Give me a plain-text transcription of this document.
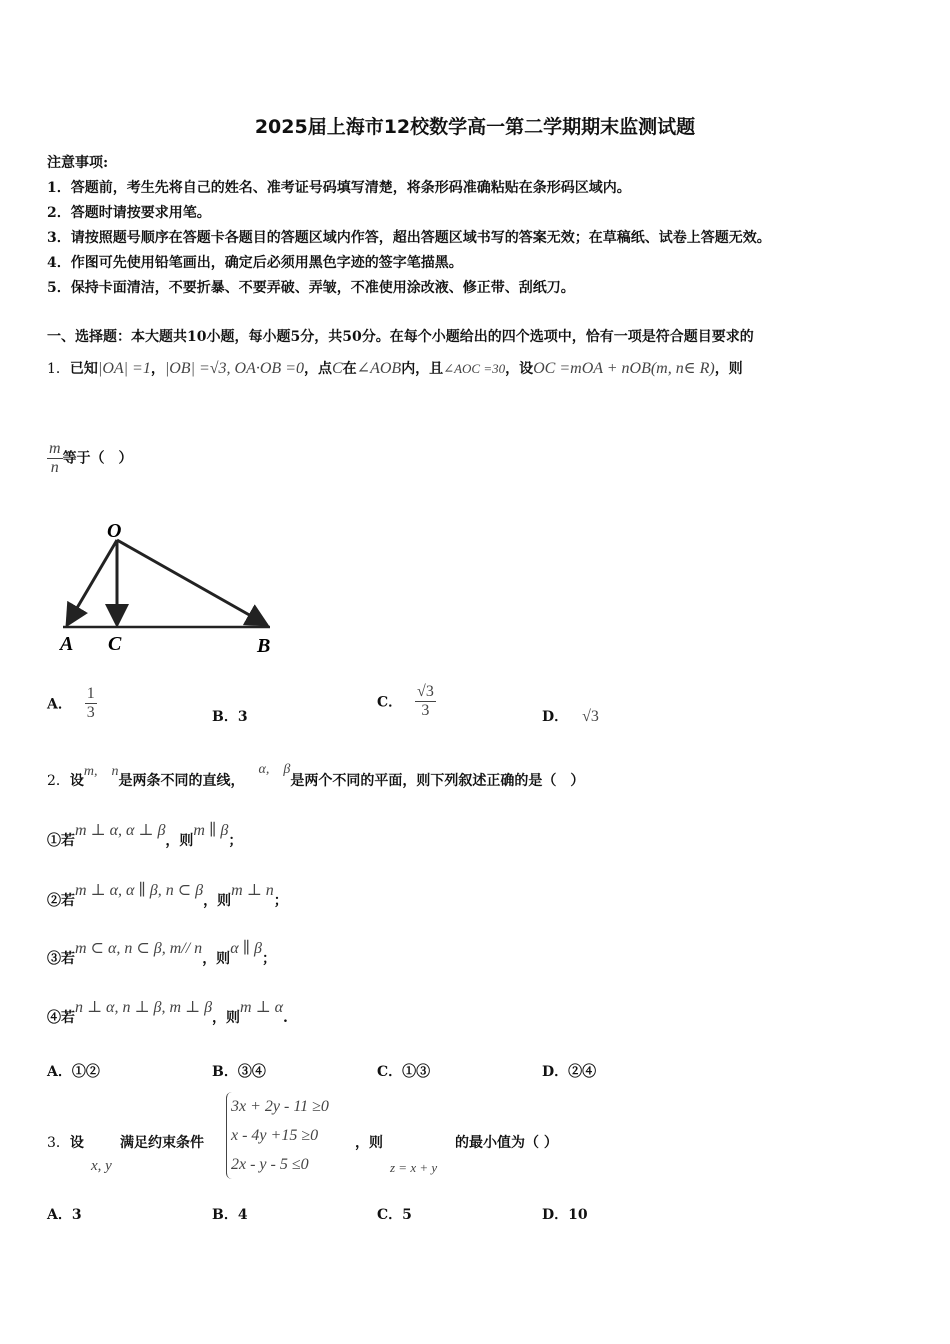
2025届上海市12校数学高一第二学期期末监测试题
注意事项:
1．答题前，考生先将自己的姓名、准考证号码填写清楚，将条形码准确粘贴在条形码区域内。
2．答题时请按要求用笔。
3．请按照题号顺序在答题卡各题目的答题区域内作答，超出答题区域书写的答案无效；在草稿纸、试卷上答题无效。
4．作图可先使用铅笔画出，确定后必须用黑色字迹的签字笔描黑。
5．保持卡面清洁，不要折暴、不要弄破、弄皱，不准使用涂改液、修正带、刮纸刀。
一、选择题：本大题共10小题，每小题5分，共50分。在每个小题给出的四个选项中，恰有一项是符合题目要求的
1．已知|OA| =1，|OB| =√3, OA·OB =0，点C在∠AOB内，且∠AOC =30，设OC =mOA + nOB(m, n∈ R)，则
$\frac{m}{n}$ 等于（　）
O
A C	B
A． $\frac{1}{3}$	B．3
C． $\frac{√3}{3}$	D． √3
2．设m,　n是两条不同的直线，α,　β是两个不同的平面，则下列叙述正确的是（　）
①若m ⊥ α, α ⊥ β，则m ∥ β；
②若m ⊥ α, α ∥ β, n ⊂ β，则m ⊥ n；
③若m ⊂ α, n ⊂ β, m// n，则α ∥ β；
④若n ⊥ α, n ⊥ β, m ⊥ β，则m ⊥ α.
A．①②	B．③④	C．①③	D．②④
3．设
x, y
满足约束条件
3x + 2y - 11 ≥0
x - 4y +15 ≥0
2x - y - 5 ≤0
，则
z = x + y
的最小值为（ ）
A．3	B．4	C．5	D．10
